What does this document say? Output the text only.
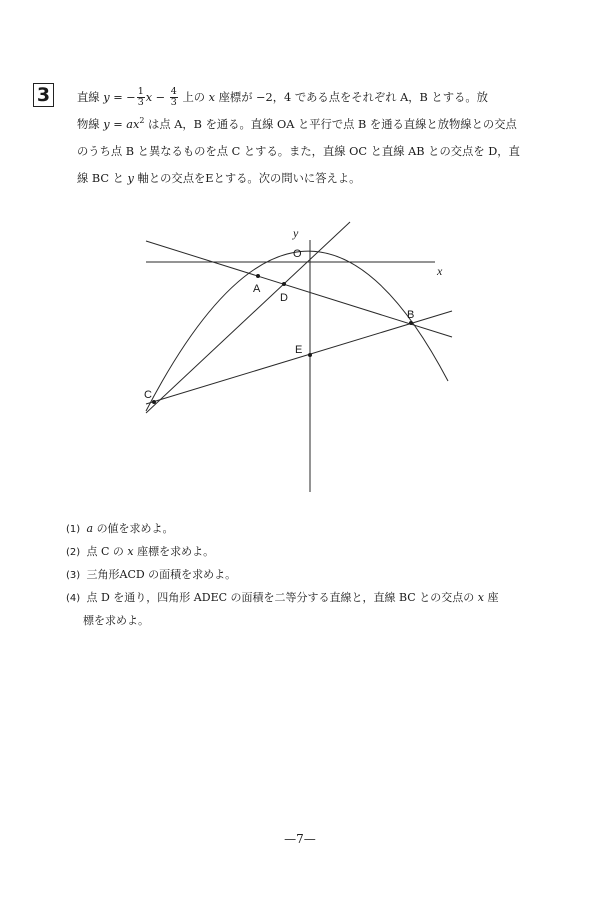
3	直線 y = − $\frac{1}{3}$ $x - \frac{4}{3}$ 上の x 座標が −2，4 である点をそれぞれ A，B とする。放
物線 $y = ax^2$ は点 A，B を通る。直線 OA と平行で点 B を通る直線と放物線との交点
のうち点 B と異なるものを点 C とする。また，直線 OC と直線 AB との交点を D，直
線 BC と y 軸との交点をEとする。次の問いに答えよ。
y
x
O
A
D
B
C
E
(1) a の値を求めよ。
(2) 点 C の x 座標を求めよ。
(3) 三角形ACD の面積を求めよ。
(4) 点 D を通り，四角形 ADEC の面積を二等分する直線と，直線 BC との交点の x 座
標を求めよ。
—7—
